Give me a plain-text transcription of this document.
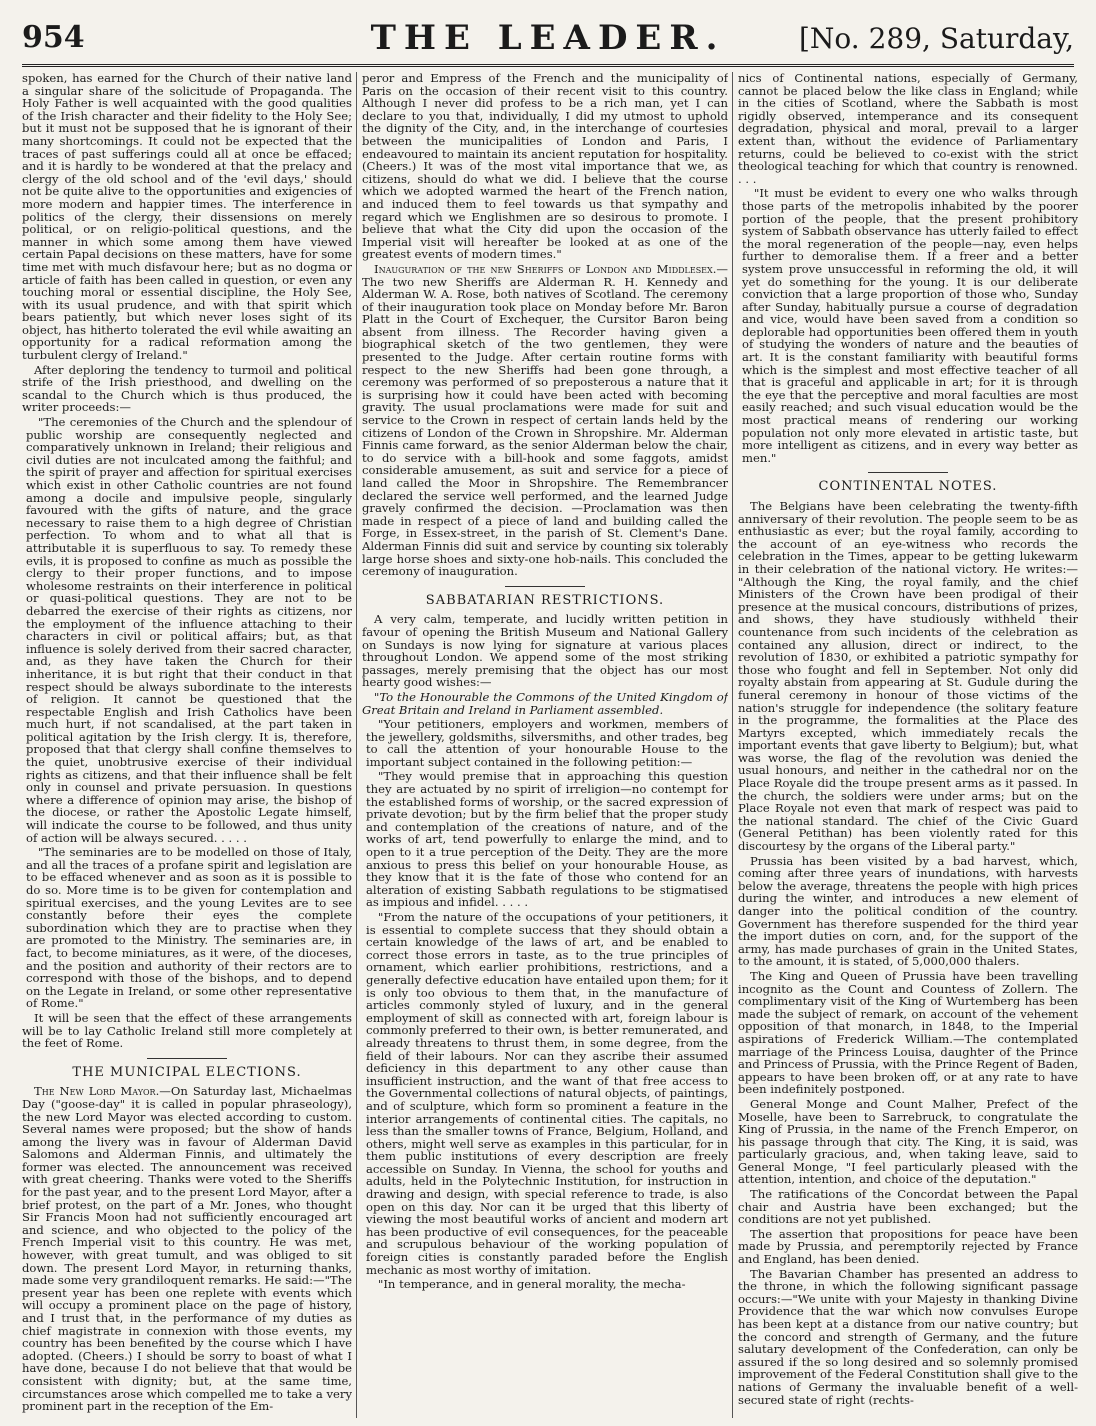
954	THE LEADER.	[No. 289, Saturday,

spoken, has earned for the Church of their native land a singular share of the solicitude of Propaganda. The Holy Father is well acquainted with the good qualities of the Irish character and their fidelity to the Holy See; but it must not be supposed that he is ignorant of their many shortcomings. It could not be expected that the traces of past sufferings could all at once be effaced; and it is hardly to be wondered at that the prelacy and clergy of the old school and of the 'evil days,' should not be quite alive to the opportunities and exigencies of more modern and happier times. The interference in politics of the clergy, their dissensions on merely political, or on religio-political questions, and the manner in which some among them have viewed certain Papal decisions on these matters, have for some time met with much disfavour here; but as no dogma or article of faith has been called in question, or even any touching moral or essential discipline, the Holy See, with its usual prudence, and with that spirit which bears patiently, but which never loses sight of its object, has hitherto tolerated the evil while awaiting an opportunity for a radical reformation among the turbulent clergy of Ireland."

After deploring the tendency to turmoil and political strife of the Irish priesthood, and dwelling on the scandal to the Church which is thus produced, the writer proceeds:—

"The ceremonies of the Church and the splendour of public worship are consequently neglected and comparatively unknown in Ireland; their religious and civil duties are not inculcated among the faithful; and the spirit of prayer and affection for spiritual exercises which exist in other Catholic countries are not found among a docile and impulsive people, singularly favoured with the gifts of nature, and the grace necessary to raise them to a high degree of Christian perfection. To whom and to what all that is attributable it is superfluous to say. To remedy these evils, it is proposed to confine as much as possible the clergy to their proper functions, and to impose wholesome restraints on their interference in political or quasi-political questions. They are not to be debarred the exercise of their rights as citizens, nor the employment of the influence attaching to their characters in civil or political affairs; but, as that influence is solely derived from their sacred character, and, as they have taken the Church for their inheritance, it is but right that their conduct in that respect should be always subordinate to the interests of religion. It cannot be questioned that the respectable English and Irish Catholics have been much hurt, if not scandalised, at the part taken in political agitation by the Irish clergy. It is, therefore, proposed that that clergy shall confine themselves to the quiet, unobtrusive exercise of their individual rights as citizens, and that their influence shall be felt only in counsel and private persuasion. In questions where a difference of opinion may arise, the bishop of the diocese, or rather the Apostolic Legate himself, will indicate the course to be followed, and thus unity of action will be always secured. . . . .

"The seminaries are to be modelled on those of Italy, and all the traces of a profane spirit and legislation are to be effaced whenever and as soon as it is possible to do so. More time is to be given for contemplation and spiritual exercises, and the young Levites are to see constantly before their eyes the complete subordination which they are to practise when they are promoted to the Ministry. The seminaries are, in fact, to become miniatures, as it were, of the dioceses, and the position and authority of their rectors are to correspond with those of the bishops, and to depend on the Legate in Ireland, or some other representative of Rome."

It will be seen that the effect of these arrangements will be to lay Catholic Ireland still more completely at the feet of Rome.

THE MUNICIPAL ELECTIONS.

The New Lord Mayor.—On Saturday last, Michaelmas Day ("goose-day" it is called in popular phraseology), the new Lord Mayor was elected according to custom. Several names were proposed; but the show of hands among the livery was in favour of Alderman David Salomons and Alderman Finnis, and ultimately the former was elected. The announcement was received with great cheering. Thanks were voted to the Sheriffs for the past year, and to the present Lord Mayor, after a brief protest, on the part of a Mr. Jones, who thought Sir Francis Moon had not sufficiently encouraged art and science, and who objected to the policy of the French Imperial visit to this country. He was met, however, with great tumult, and was obliged to sit down. The present Lord Mayor, in returning thanks, made some very grandiloquent remarks. He said:—"The present year has been one replete with events which will occupy a prominent place on the page of history, and I trust that, in the performance of my duties as chief magistrate in connexion with those events, my country has been benefited by the course which I have adopted. (Cheers.) I should be sorry to boast of what I have done, because I do not believe that that would be consistent with dignity; but, at the same time, circumstances arose which compelled me to take a very prominent part in the reception of the Em-

peror and Empress of the French and the municipality of Paris on the occasion of their recent visit to this country. Although I never did profess to be a rich man, yet I can declare to you that, individually, I did my utmost to uphold the dignity of the City, and, in the interchange of courtesies between the municipalities of London and Paris, I endeavoured to maintain its ancient reputation for hospitality. (Cheers.) It was of the most vital importance that we, as citizens, should do what we did. I believe that the course which we adopted warmed the heart of the French nation, and induced them to feel towards us that sympathy and regard which we Englishmen are so desirous to promote. I believe that what the City did upon the occasion of the Imperial visit will hereafter be looked at as one of the greatest events of modern times."

Inauguration of the new Sheriffs of London and Middlesex.—The two new Sheriffs are Alderman R. H. Kennedy and Alderman W. A. Rose, both natives of Scotland. The ceremony of their inauguration took place on Monday before Mr. Baron Platt in the Court of Exchequer, the Cursitor Baron being absent from illness. The Recorder having given a biographical sketch of the two gentlemen, they were presented to the Judge. After certain routine forms with respect to the new Sheriffs had been gone through, a ceremony was performed of so preposterous a nature that it is surprising how it could have been acted with becoming gravity. The usual proclamations were made for suit and service to the Crown in respect of certain lands held by the citizens of London of the Crown in Shropshire. Mr. Alderman Finnis came forward, as the senior Alderman below the chair, to do service with a bill-hook and some faggots, amidst considerable amusement, as suit and service for a piece of land called the Moor in Shropshire. The Remembrancer declared the service well performed, and the learned Judge gravely confirmed the decision. —Proclamation was then made in respect of a piece of land and building called the Forge, in Essex-street, in the parish of St. Clement's Dane. Alderman Finnis did suit and service by counting six tolerably large horse shoes and sixty-one hob-nails. This concluded the ceremony of inauguration.

SABBATARIAN RESTRICTIONS.

A very calm, temperate, and lucidly written petition in favour of opening the British Museum and National Gallery on Sundays is now lying for signature at various places throughout London. We append some of the most striking passages, merely premising that the object has our most hearty good wishes:—

"To the Honourable the Commons of the United Kingdom of Great Britain and Ireland in Parliament assembled.

"Your petitioners, employers and workmen, members of the jewellery, goldsmiths, silversmiths, and other trades, beg to call the attention of your honourable House to the important subject contained in the following petition:—

"They would premise that in approaching this question they are actuated by no spirit of irreligion—no contempt for the established forms of worship, or the sacred expression of private devotion; but by the firm belief that the proper study and contemplation of the creations of nature, and of the works of art, tend powerfully to enlarge the mind, and to open to it a true perception of the Deity. They are the more anxious to press this belief on your honourable House, as they know that it is the fate of those who contend for an alteration of existing Sabbath regulations to be stigmatised as impious and infidel. . . . .

"From the nature of the occupations of your petitioners, it is essential to complete success that they should obtain a certain knowledge of the laws of art, and be enabled to correct those errors in taste, as to the true principles of ornament, which earlier prohibitions, restrictions, and a generally defective education have entailed upon them; for it is only too obvious to them that, in the manufacture of articles commonly styled of luxury, and in the general employment of skill as connected with art, foreign labour is commonly preferred to their own, is better remunerated, and already threatens to thrust them, in some degree, from the field of their labours. Nor can they ascribe their assumed deficiency in this department to any other cause than insufficient instruction, and the want of that free access to the Governmental collections of natural objects, of paintings, and of sculpture, which form so prominent a feature in the interior arrangements of continental cities. The capitals, no less than the smaller towns of France, Belgium, Holland, and others, might well serve as examples in this particular, for in them public institutions of every description are freely accessible on Sunday. In Vienna, the school for youths and adults, held in the Polytechnic Institution, for instruction in drawing and design, with special reference to trade, is also open on this day. Nor can it be urged that this liberty of viewing the most beautiful works of ancient and modern art has been productive of evil consequences, for the peaceable and scrupulous behaviour of the working population of foreign cities is constantly paraded before the English mechanic as most worthy of imitation.

"In temperance, and in general morality, the mecha-

nics of Continental nations, especially of Germany, cannot be placed below the like class in England; while in the cities of Scotland, where the Sabbath is most rigidly observed, intemperance and its consequent degradation, physical and moral, prevail to a larger extent than, without the evidence of Parliamentary returns, could be believed to co-exist with the strict theological teaching for which that country is renowned. . . .

"It must be evident to every one who walks through those parts of the metropolis inhabited by the poorer portion of the people, that the present prohibitory system of Sabbath observance has utterly failed to effect the moral regeneration of the people—nay, even helps further to demoralise them. If a freer and a better system prove unsuccessful in reforming the old, it will yet do something for the young. It is our deliberate conviction that a large proportion of those who, Sunday after Sunday, habitually pursue a course of degradation and vice, would have been saved from a condition so deplorable had opportunities been offered them in youth of studying the wonders of nature and the beauties of art. It is the constant familiarity with beautiful forms which is the simplest and most effective teacher of all that is graceful and applicable in art; for it is through the eye that the perceptive and moral faculties are most easily reached; and such visual education would be the most practical means of rendering our working population not only more elevated in artistic taste, but more intelligent as citizens, and in every way better as men."

CONTINENTAL NOTES.

The Belgians have been celebrating the twenty-fifth anniversary of their revolution. The people seem to be as enthusiastic as ever; but the royal family, according to the account of an eye-witness who records the celebration in the Times, appear to be getting lukewarm in their celebration of the national victory. He writes:— "Although the King, the royal family, and the chief Ministers of the Crown have been prodigal of their presence at the musical concours, distributions of prizes, and shows, they have studiously withheld their countenance from such incidents of the celebration as contained any allusion, direct or indirect, to the revolution of 1830, or exhibited a patriotic sympathy for those who fought and fell in September. Not only did royalty abstain from appearing at St. Gudule during the funeral ceremony in honour of those victims of the nation's struggle for independence (the solitary feature in the programme, the formalities at the Place des Martyrs excepted, which immediately recals the important events that gave liberty to Belgium); but, what was worse, the flag of the revolution was denied the usual honours, and neither in the cathedral nor on the Place Royale did the troupe present arms as it passed. In the church, the soldiers were under arms; but on the Place Royale not even that mark of respect was paid to the national standard. The chief of the Civic Guard (General Petithan) has been violently rated for this discourtesy by the organs of the Liberal party."

Prussia has been visited by a bad harvest, which, coming after three years of inundations, with harvests below the average, threatens the people with high prices during the winter, and introduces a new element of danger into the political condition of the country. Government has therefore suspended for the third year the import duties on corn, and, for the support of the army, has made purchases of grain in the United States, to the amount, it is stated, of 5,000,000 thalers.

The King and Queen of Prussia have been travelling incognito as the Count and Countess of Zollern. The complimentary visit of the King of Wurtemberg has been made the subject of remark, on account of the vehement opposition of that monarch, in 1848, to the Imperial aspirations of Frederick William.—The contemplated marriage of the Princess Louisa, daughter of the Prince and Princess of Prussia, with the Prince Regent of Baden, appears to have been broken off, or at any rate to have been indefinitely postponed.

General Monge and Count Malher, Prefect of the Moselle, have been to Sarrebruck, to congratulate the King of Prussia, in the name of the French Emperor, on his passage through that city. The King, it is said, was particularly gracious, and, when taking leave, said to General Monge, "I feel particularly pleased with the attention, intention, and choice of the deputation."

The ratifications of the Concordat between the Papal chair and Austria have been exchanged; but the conditions are not yet published.

The assertion that propositions for peace have been made by Prussia, and peremptorily rejected by France and England, has been denied.

The Bavarian Chamber has presented an address to the throne, in which the following significant passage occurs:—"We unite with your Majesty in thanking Divine Providence that the war which now convulses Europe has been kept at a distance from our native country; but the concord and strength of Germany, and the future salutary development of the Confederation, can only be assured if the so long desired and so solemnly promised improvement of the Federal Constitution shall give to the nations of Germany the invaluable benefit of a well-secured state of right (rechts-
